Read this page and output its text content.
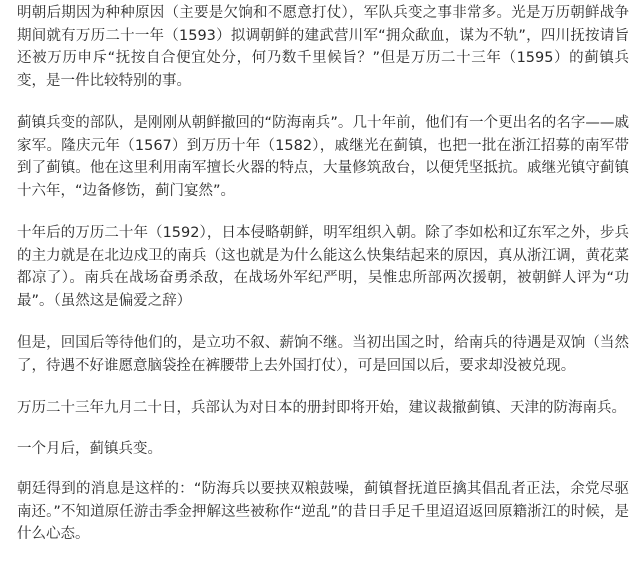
明朝后期因为种种原因（主要是欠饷和不愿意打仗），军队兵变之事非常多。光是万历朝鲜战争期间就有万历二十一年（1593）拟调朝鲜的建武营川军“拥众歃血，谋为不轨”，四川抚按请旨还被万历申斥“抚按自合便宜处分，何乃数千里候旨？”但是万历二十三年（1595）的蓟镇兵变，是一件比较特别的事。

蓟镇兵变的部队，是刚刚从朝鲜撤回的“防海南兵”。几十年前，他们有一个更出名的名字——戚家军。隆庆元年（1567）到万历十年（1582），戚继光在蓟镇，也把一批在浙江招募的南军带到了蓟镇。他在这里利用南军擅长火器的特点，大量修筑敌台，以便凭坚抵抗。戚继光镇守蓟镇十六年，“边备修饬，蓟门宴然”。

十年后的万历二十年（1592），日本侵略朝鲜，明军组织入朝。除了李如松和辽东军之外，步兵的主力就是在北边戍卫的南兵（这也就是为什么能这么快集结起来的原因，真从浙江调，黄花菜都凉了）。南兵在战场奋勇杀敌，在战场外军纪严明，吴惟忠所部两次援朝，被朝鲜人评为“功最”。（虽然这是偏爱之辞）

但是，回国后等待他们的，是立功不叙、薪饷不继。当初出国之时，给南兵的待遇是双饷（当然了，待遇不好谁愿意脑袋拴在裤腰带上去外国打仗），可是回国以后，要求却没被兑现。

万历二十三年九月二十日，兵部认为对日本的册封即将开始，建议裁撤蓟镇、天津的防海南兵。

一个月后，蓟镇兵变。

朝廷得到的消息是这样的：“防海兵以要挟双粮鼓噪，蓟镇督抚道臣擒其倡乱者正法，余党尽驱南还。”不知道原任游击季金押解这些被称作“逆乱”的昔日手足千里迢迢返回原籍浙江的时候，是什么心态。
